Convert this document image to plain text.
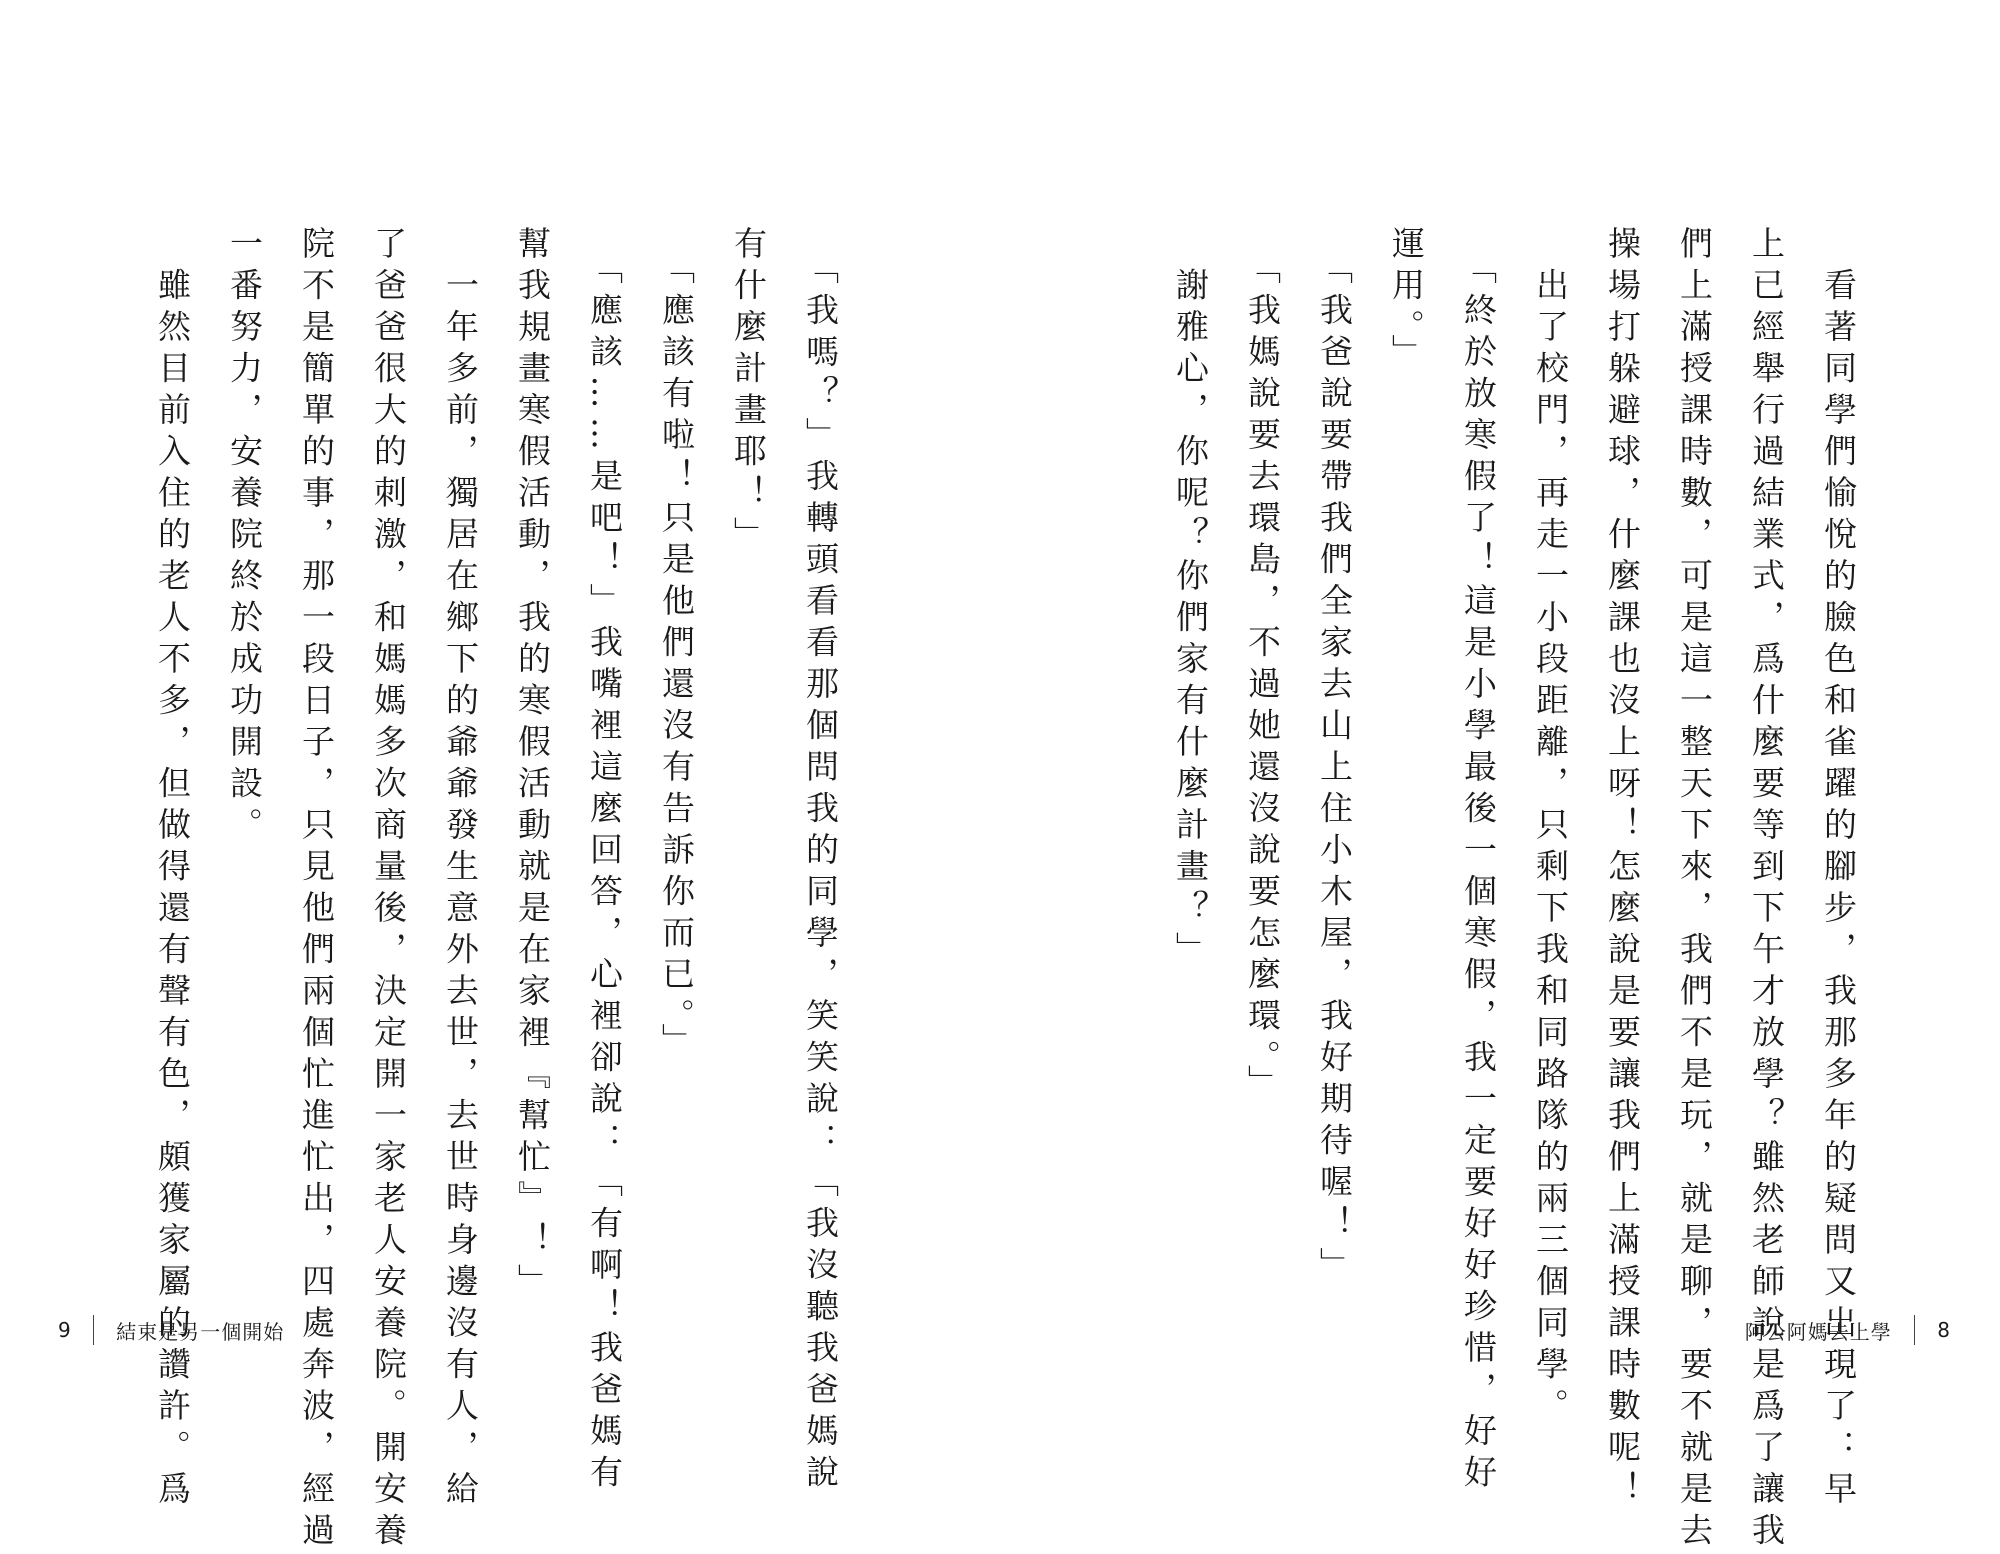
　看著同學們愉悅的臉色和雀躍的腳步，我那多年的疑問又出現了：早
上已經舉行過結業式，爲什麼要等到下午才放學？雖然老師說是爲了讓我
們上滿授課時數，可是這一整天下來，我們不是玩，就是聊，要不就是去
操場打躲避球，什麼課也沒上呀！怎麼說是要讓我們上滿授課時數呢！
　出了校門，再走一小段距離，只剩下我和同路隊的兩三個同學。
　「終於放寒假了！這是小學最後一個寒假，我一定要好好珍惜，好好
運用。」
　「我爸說要帶我們全家去山上住小木屋，我好期待喔！」
　「我媽說要去環島，不過她還沒說要怎麼環。」
　謝雅心，你呢？你們家有什麼計畫？」
　「我嗎？」我轉頭看看那個問我的同學，笑笑說：「我沒聽我爸媽說
有什麼計畫耶！」
　「應該有啦！只是他們還沒有告訴你而已。」
　「應該……是吧！」我嘴裡這麼回答，心裡卻說：「有啊！我爸媽有
幫我規畫寒假活動，我的寒假活動就是在家裡『幫忙』！」
　一年多前，獨居在鄉下的爺爺發生意外去世，去世時身邊沒有人，給
了爸爸很大的刺激，和媽媽多次商量後，決定開一家老人安養院。開安養
院不是簡單的事，那一段日子，只見他們兩個忙進忙出，四處奔波，經過
一番努力，安養院終於成功開設。
　雖然目前入住的老人不多，但做得還有聲有色，頗獲家屬的讚許。爲
9 結束是另一個開始	阿公阿媽去上學 8
